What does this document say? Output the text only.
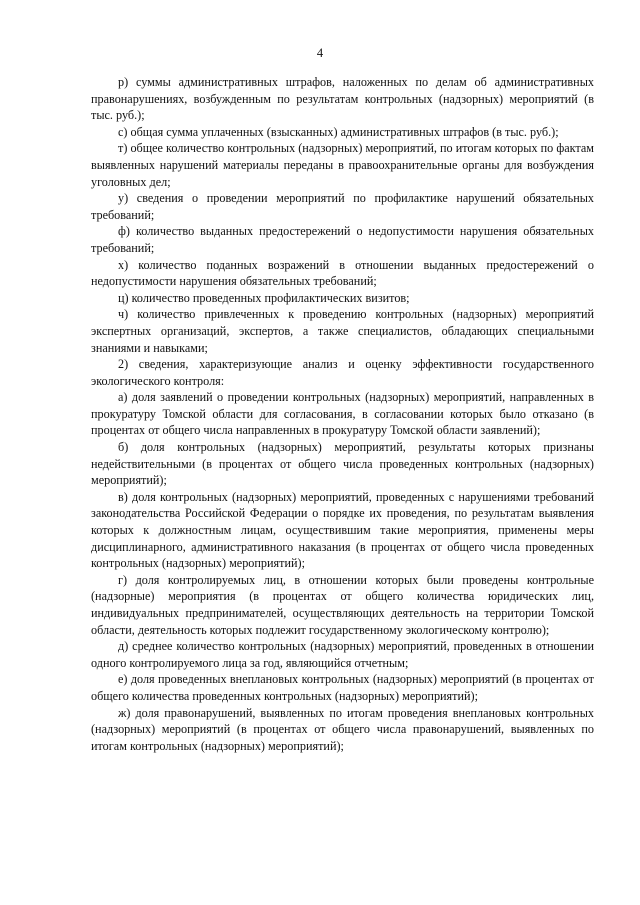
4

р) суммы административных штрафов, наложенных по делам об административных правонарушениях, возбужденным по результатам контрольных (надзорных) мероприятий (в тыс. руб.);

с) общая сумма уплаченных (взысканных) административных штрафов (в тыс. руб.);

т) общее количество контрольных (надзорных) мероприятий, по итогам которых по фактам выявленных нарушений материалы переданы в правоохранительные органы для возбуждения уголовных дел;

у) сведения о проведении мероприятий по профилактике нарушений обязательных требований;

ф) количество выданных предостережений о недопустимости нарушения обязательных требований;

х) количество поданных возражений в отношении выданных предостережений о недопустимости нарушения обязательных требований;

ц) количество проведенных профилактических визитов;

ч) количество привлеченных к проведению контрольных (надзорных) мероприятий экспертных организаций, экспертов, а также специалистов, обладающих специальными знаниями и навыками;

2) сведения, характеризующие анализ и оценку эффективности государственного экологического контроля:

а) доля заявлений о проведении контрольных (надзорных) мероприятий, направленных в прокуратуру Томской области для согласования, в согласовании которых было отказано (в процентах от общего числа направленных в прокуратуру Томской области заявлений);

б) доля контрольных (надзорных) мероприятий, результаты которых признаны недействительными (в процентах от общего числа проведенных контрольных (надзорных) мероприятий);

в) доля контрольных (надзорных) мероприятий, проведенных с нарушениями требований законодательства Российской Федерации о порядке их проведения, по результатам выявления которых к должностным лицам, осуществившим такие мероприятия, применены меры дисциплинарного, административного наказания (в процентах от общего числа проведенных контрольных (надзорных) мероприятий);

г) доля контролируемых лиц, в отношении которых были проведены контрольные (надзорные) мероприятия (в процентах от общего количества юридических лиц, индивидуальных предпринимателей, осуществляющих деятельность на территории Томской области, деятельность которых подлежит государственному экологическому контролю);

д) среднее количество контрольных (надзорных) мероприятий, проведенных в отношении одного контролируемого лица за год, являющийся отчетным;

е) доля проведенных внеплановых контрольных (надзорных) мероприятий (в процентах от общего количества проведенных контрольных (надзорных) мероприятий);

ж) доля правонарушений, выявленных по итогам проведения внеплановых контрольных (надзорных) мероприятий (в процентах от общего числа правонарушений, выявленных по итогам контрольных (надзорных) мероприятий);
